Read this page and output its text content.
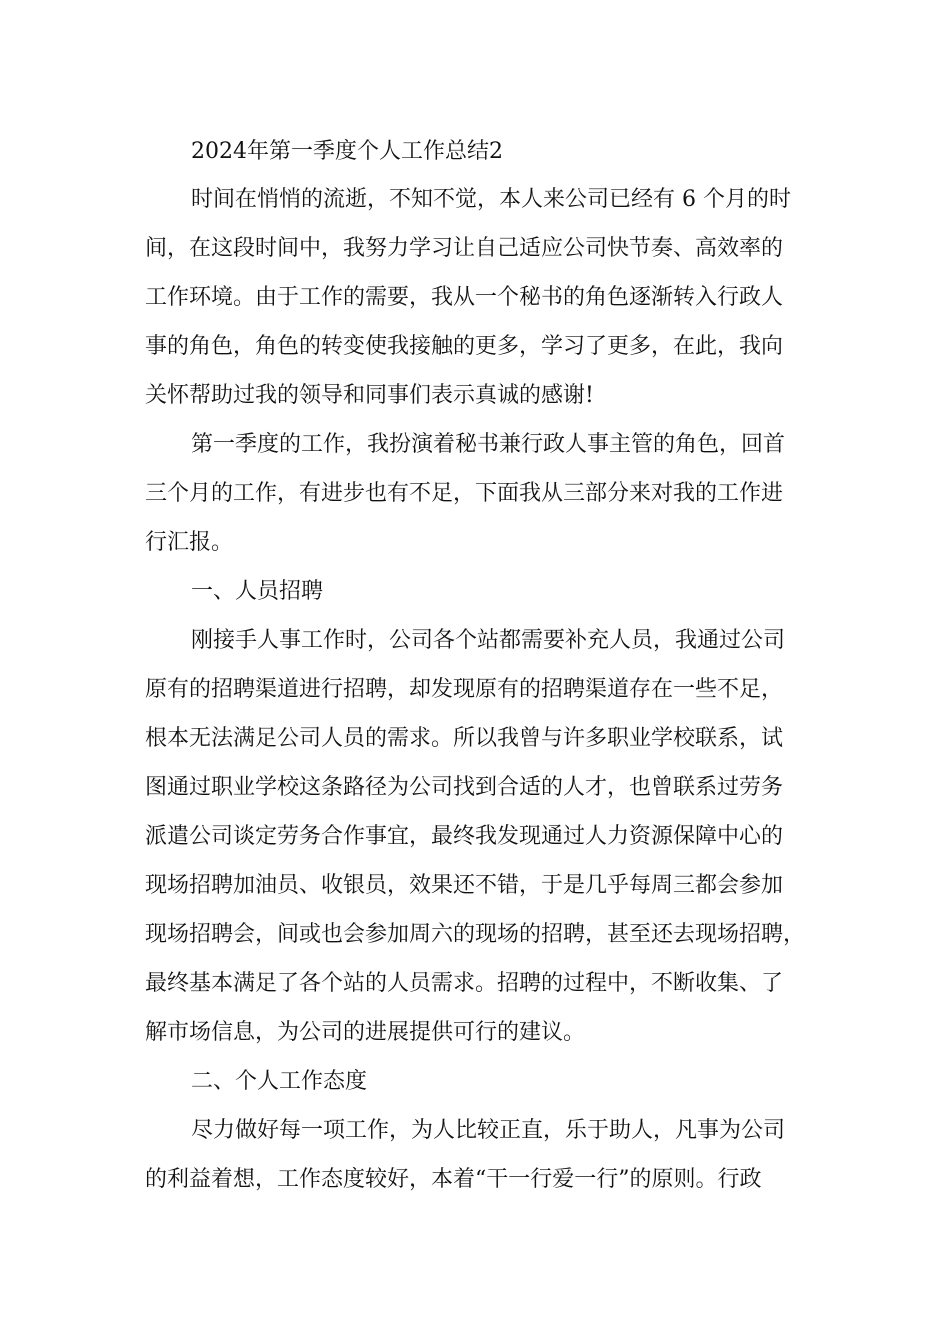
2024年第一季度个人工作总结2
时间在悄悄的流逝，不知不觉，本人来公司已经有 6 个月的时
间，在这段时间中，我努力学习让自己适应公司快节奏、高效率的
工作环境。由于工作的需要，我从一个秘书的角色逐渐转入行政人
事的角色，角色的转变使我接触的更多，学习了更多，在此，我向
关怀帮助过我的领导和同事们表示真诚的感谢!
第一季度的工作，我扮演着秘书兼行政人事主管的角色，回首
三个月的工作，有进步也有不足，下面我从三部分来对我的工作进
行汇报。
一、人员招聘
刚接手人事工作时，公司各个站都需要补充人员，我通过公司
原有的招聘渠道进行招聘，却发现原有的招聘渠道存在一些不足，
根本无法满足公司人员的需求。所以我曾与许多职业学校联系，试
图通过职业学校这条路径为公司找到合适的人才，也曾联系过劳务
派遣公司谈定劳务合作事宜，最终我发现通过人力资源保障中心的
现场招聘加油员、收银员，效果还不错，于是几乎每周三都会参加
现场招聘会，间或也会参加周六的现场的招聘，甚至还去现场招聘，
最终基本满足了各个站的人员需求。招聘的过程中，不断收集、了
解市场信息，为公司的进展提供可行的建议。
二、个人工作态度
尽力做好每一项工作，为人比较正直，乐于助人，凡事为公司
的利益着想，工作态度较好，本着“干一行爱一行”的原则。行政
